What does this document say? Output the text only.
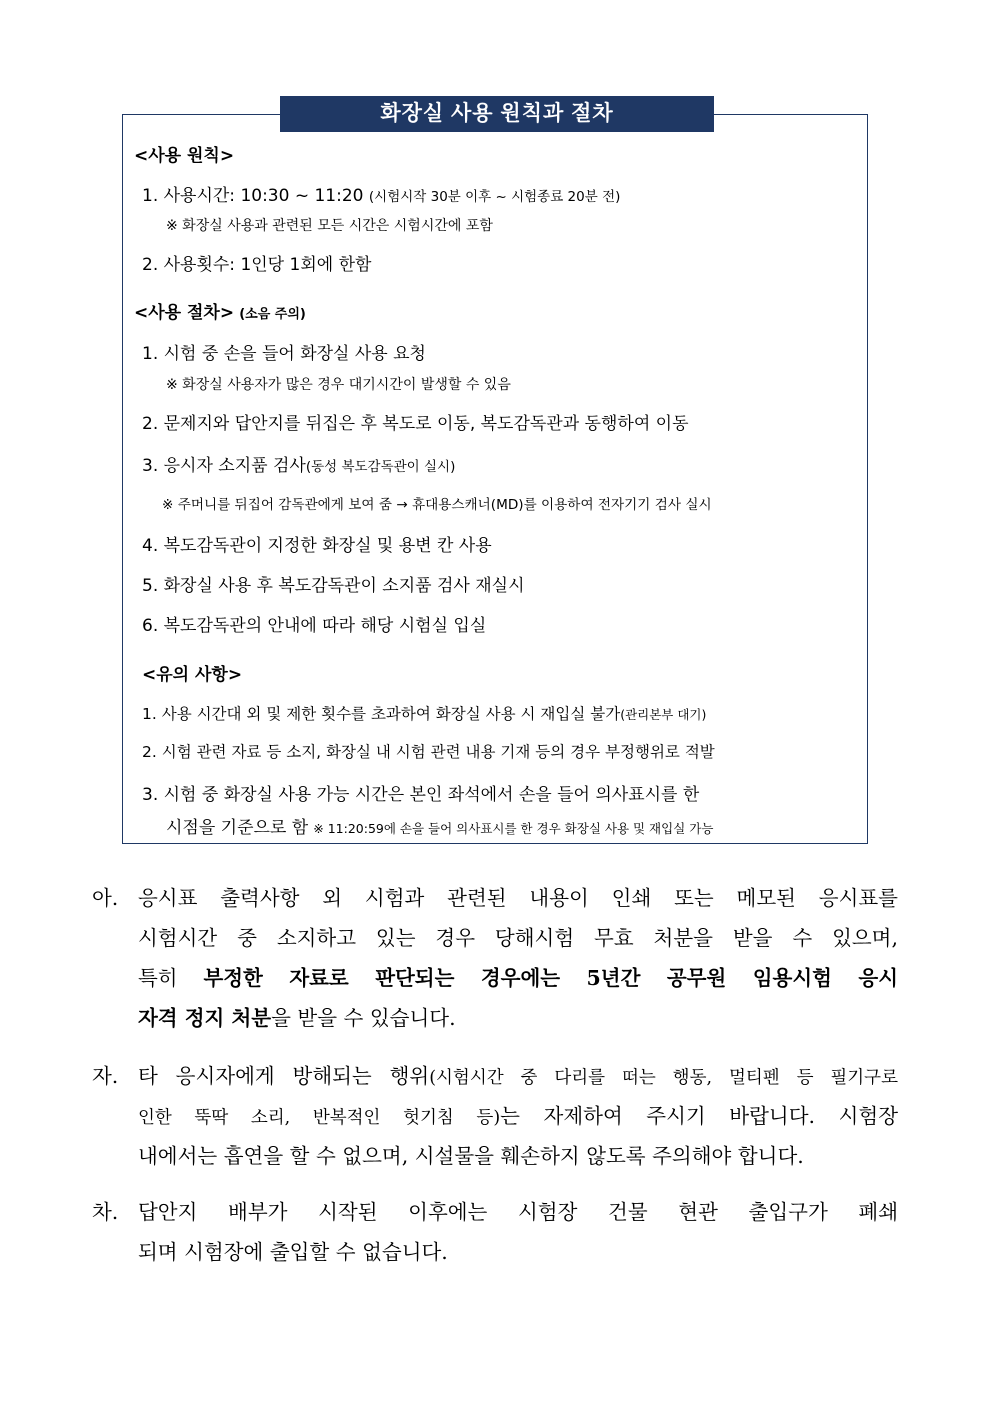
화장실 사용 원칙과 절차
<사용 원칙>
1. 사용시간: 10:30 ~ 11:20 (시험시작 30분 이후 ~ 시험종료 20분 전)
※ 화장실 사용과 관련된 모든 시간은 시험시간에 포함
2. 사용횟수: 1인당 1회에 한함
<사용 절차> (소음 주의)
1. 시험 중 손을 들어 화장실 사용 요청
※ 화장실 사용자가 많은 경우 대기시간이 발생할 수 있음
2. 문제지와 답안지를 뒤집은 후 복도로 이동, 복도감독관과 동행하여 이동
3. 응시자 소지품 검사(동성 복도감독관이 실시)
※ 주머니를 뒤집어 감독관에게 보여 줌 → 휴대용스캐너(MD)를 이용하여 전자기기 검사 실시
4. 복도감독관이 지정한 화장실 및 용변 칸 사용
5. 화장실 사용 후 복도감독관이 소지품 검사 재실시
6. 복도감독관의 안내에 따라 해당 시험실 입실
<유의 사항>
1. 사용 시간대 외 및 제한 횟수를 초과하여 화장실 사용 시 재입실 불가(관리본부 대기)
2. 시험 관련 자료 등 소지, 화장실 내 시험 관련 내용 기재 등의 경우 부정행위로 적발
3. 시험 중 화장실 사용 가능 시간은 본인 좌석에서 손을 들어 의사표시를 한
시점을 기준으로 함 ※ 11:20:59에 손을 들어 의사표시를 한 경우 화장실 사용 및 재입실 가능
아. 응시표 출력사항 외 시험과 관련된 내용이 인쇄 또는 메모된 응시표를
시험시간 중 소지하고 있는 경우 당해시험 무효 처분을 받을 수 있으며,
특히 부정한 자료로 판단되는 경우에는 5년간 공무원 임용시험 응시
자격 정지 처분을 받을 수 있습니다.
자. 타 응시자에게 방해되는 행위(시험시간 중 다리를 떠는 행동, 멀티펜 등 필기구로
인한 뚝딱 소리, 반복적인 헛기침 등)는 자제하여 주시기 바랍니다. 시험장
내에서는 흡연을 할 수 없으며, 시설물을 훼손하지 않도록 주의해야 합니다.
차. 답안지 배부가 시작된 이후에는 시험장 건물 현관 출입구가 폐쇄
되며 시험장에 출입할 수 없습니다.
